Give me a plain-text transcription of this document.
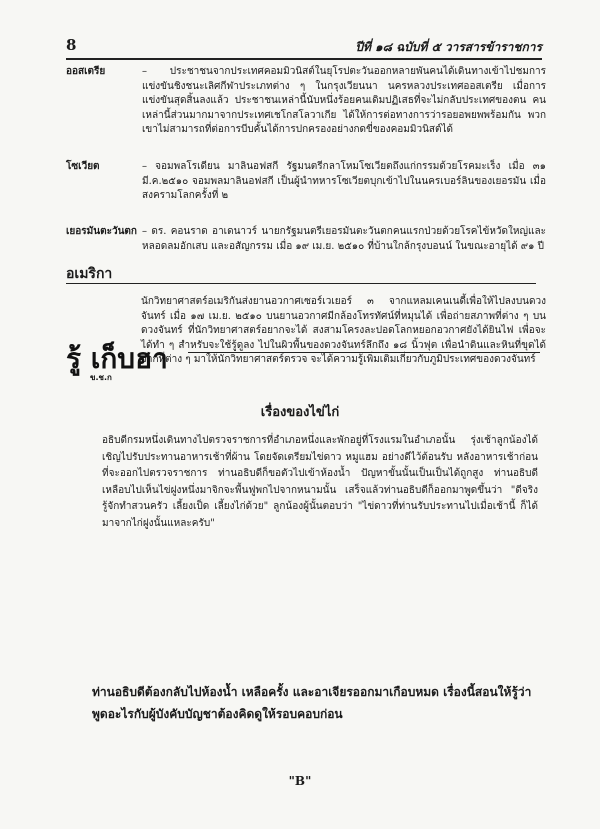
8	ปีที่ ๑๘ ฉบับที่ ๕ วารสารข้าราชการ
ออสเตรีย	– ประชาชนจากประเทศคอมมิวนิสต์ในยุโรปตะวันออกหลายพันคนได้เดินทางเข้าไปชมการแข่งขันชิงชนะเลิศกีฬาประเภทต่าง ๆ ในกรุงเวียนนา นครหลวงประเทศออสเตรีย เมื่อการแข่งขันสุดสิ้นลงแล้ว ประชาชนเหล่านี้นับหนึ่งร้อยคนเดิมปฏิเสธที่จะไม่กลับประเทศของตน คนเหล่านี้ส่วนมากมาจากประเทศเชโกสโลวาเกีย ได้ให้การต่อทางการว่ารอยอพยพพร้อมกัน พวกเขาไม่สามารถที่ต่อการบีบคั้นได้การปกครองอย่างกดขี่ของคอมมิวนิสต์ได้
โซเวียต	– จอมพลโรเดียน มาลินอฟสกี รัฐมนตรีกลาโหมโซเวียตถึงแก่กรรมด้วยโรคมะเร็ง เมื่อ ๓๑ มี.ค.๒๕๑๐ จอมพลมาลินอฟสกี เป็นผู้นำทหารโซเวียตบุกเข้าไปในนครเบอร์ลินของเยอรมัน เมื่อสงครามโลกครั้งที่ ๒
เยอรมันตะวันตก – ดร. คอนราด อาเดนาวร์ นายกรัฐมนตรีเยอรมันตะวันตกคนแรกป่วยด้วยโรคไข้หวัดใหญ่และหลอดลมอักเสบ และอสัญกรรม เมื่อ ๑๙ เม.ย. ๒๕๑๐ ที่บ้านใกล้กรุงบอนน์ ในขณะอายุได้ ๙๑ ปี
อเมริกา
นักวิทยาศาสตร์อเมริกันส่งยานอวกาศเซอร์เวเยอร์ ๓ จากแหลมเคนเนดี้เพื่อให้ไปลงบนดวงจันทร์ เมื่อ ๑๗ เม.ย. ๒๕๑๐ บนยานอวกาศมีกล้องโทรทัศน์ที่หมุนได้ เพื่อถ่ายสภาพที่ต่าง ๆ บนดวงจันทร์ ที่นักวิทยาศาสตร์อยากจะได้ สงสามโครงละปอดโลกหยอกอวกาศยังได้ยินไฟ เพื่อจะได้ทำ ๆ สำหรับจะใช้รู้ดูลง ไปในผิวพื้นของดวงจันทร์ลึกถึง ๑๘ นิ้วฟุต เพื่อนำดินและหินที่ขุดได้จากที่ต่าง ๆ มาให้นักวิทยาศาสตร์ตรวจ จะได้ความรู้เพิ่มเติมเกี่ยวกับภูมิประเทศของดวงจันทร์
รู้ เก็บฮา
ข.ช.ก
เรื่องของไข่ไก่
อธิบดีกรมหนึ่งเดินทางไปตรวจราชการที่อำเภอหนึ่งและพักอยู่ที่โรงแรมในอำเภอนั้น รุ่งเช้าลูกน้องได้เชิญไปรับประทานอาหารเช้าที่ผ้าน โดยจัดเตรียมไข่ดาว หมูแฮม อย่างดีไว้ต้อนรับ หลังอาหารเช้าก่อนที่จะออกไปตรวจราชการ ท่านอธิบดีก็ขอตัวไปเข้าห้องน้ำ ปัญหาขั้นนั้นเป็นเป็นได้ถูกสูง ท่านอธิบดีเหลือบไปเห็นไข่ฝูงหนึ่งมาจิกจะพื้นฟูพกไปจากหนามนั้น เสร็จแล้วท่านอธิบดีก็ออกมาพูดขึ้นว่า "ดีจริง รู้จักทำสวนครัว เลี้ยงเป็ด เลี้ยงไก่ด้วย" ลูกน้องผู้นั้นตอบว่า "ไข่ดาวที่ท่านรับประทานไปเมื่อเช้านี้ ก็ได้มาจากไก่ฝูงนั้นแหละครับ"
ท่านอธิบดีต้องกลับไปห้องน้ำ เหลือครั้ง และอาเจียรออกมาเกือบหมด เรื่องนี้สอนให้รู้ว่าพูดอะไรกับผู้บังคับบัญชาต้องคิดดูให้รอบคอบก่อน
"B"
